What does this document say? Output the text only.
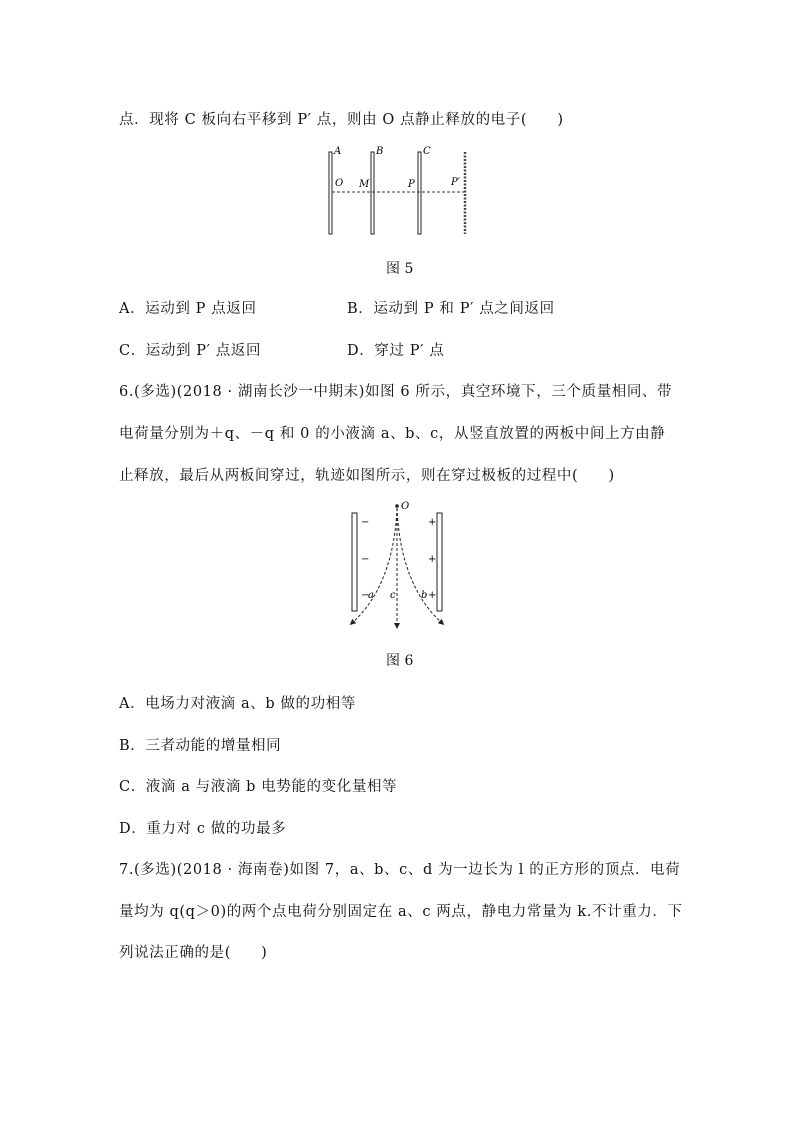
点．现将 C 板向右平移到 P′ 点，则由 O 点静止释放的电子(　　)
A	B	C
O M	P	P′
图 5
A．运动到 P 点返回	B．运动到 P 和 P′ 点之间返回
C．运动到 P′ 点返回	D．穿过 P′ 点
6.(多选)(2018 · 湖南长沙一中期末)如图 6 所示，真空环境下，三个质量相同、带
电荷量分别为＋q、－q 和 0 的小液滴 a、b、c，从竖直放置的两板中间上方由静
止释放，最后从两板间穿过，轨迹如图所示，则在穿过极板的过程中(　　)
−
−
−
+
+
+
O
a c	b
图 6
A．电场力对液滴 a、b 做的功相等
B．三者动能的增量相同
C．液滴 a 与液滴 b 电势能的变化量相等
D．重力对 c 做的功最多
7.(多选)(2018 · 海南卷)如图 7，a、b、c、d 为一边长为 l 的正方形的顶点．电荷
量均为 q(q＞0)的两个点电荷分别固定在 a、c 两点，静电力常量为 k.不计重力．下
列说法正确的是(　　)
